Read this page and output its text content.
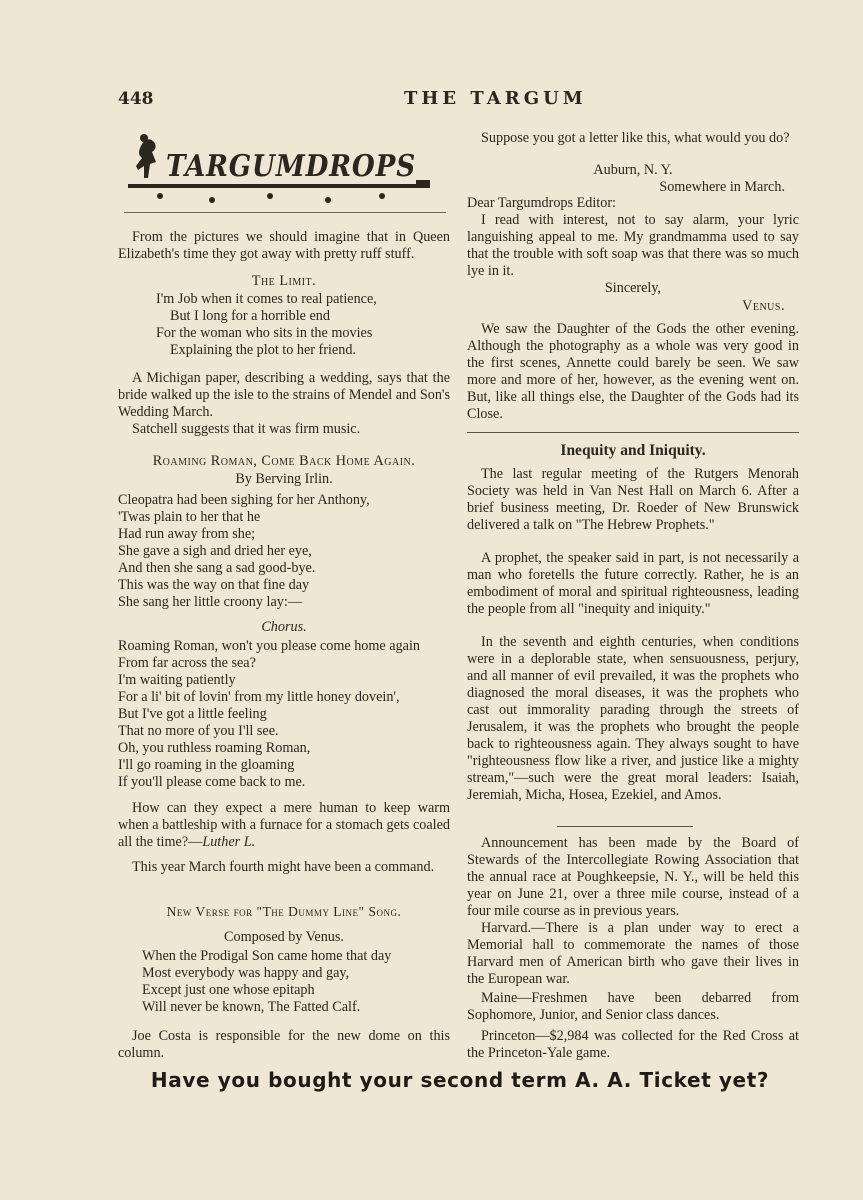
448	THE TARGUM
TARGUMDROPS

From the pictures we should imagine that in Queen Elizabeth's time they got away with pretty ruff stuff.

The Limit.

I'm Job when it comes to real patience,
But I long for a horrible end
For the woman who sits in the movies
Explaining the plot to her friend.

A Michigan paper, describing a wedding, says that the bride walked up the isle to the strains of Mendel and Son's Wedding March.

Satchell suggests that it was firm music.

Roaming Roman, Come Back Home Again.

By Berving Irlin.

Cleopatra had been sighing for her Anthony,
'Twas plain to her that he
Had run away from she;
She gave a sigh and dried her eye,
And then she sang a sad good-bye.
This was the way on that fine day
She sang her little croony lay:—

Chorus.

Roaming Roman, won't you please come home again
From far across the sea?
I'm waiting patiently
For a li' bit of lovin' from my little honey dovein',
But I've got a little feeling
That no more of you I'll see.
Oh, you ruthless roaming Roman,
I'll go roaming in the gloaming
If you'll please come back to me.

How can they expect a mere human to keep warm when a battleship with a furnace for a stomach gets coaled all the time?—Luther L.

This year March fourth might have been a command.

New Verse for "The Dummy Line" Song.

Composed by Venus.

When the Prodigal Son came home that day
Most everybody was happy and gay,
Except just one whose epitaph
Will never be known, The Fatted Calf.

Joe Costa is responsible for the new dome on this column.

Suppose you got a letter like this, what would you do?

Auburn, N. Y.

Somewhere in March.

Dear Targumdrops Editor:

I read with interest, not to say alarm, your lyric languishing appeal to me. My grandmamma used to say that the trouble with soft soap was that there was so much lye in it.

Sincerely,

Venus.

We saw the Daughter of the Gods the other evening. Although the photography as a whole was very good in the first scenes, Annette could barely be seen. We saw more and more of her, however, as the evening went on. But, like all things else, the Daughter of the Gods had its Close.

Inequity and Iniquity.

The last regular meeting of the Rutgers Menorah Society was held in Van Nest Hall on March 6. After a brief business meeting, Dr. Roeder of New Brunswick delivered a talk on "The Hebrew Prophets."

A prophet, the speaker said in part, is not necessarily a man who foretells the future correctly. Rather, he is an embodiment of moral and spiritual righteousness, leading the people from all "inequity and iniquity."

In the seventh and eighth centuries, when conditions were in a deplorable state, when sensuousness, perjury, and all manner of evil prevailed, it was the prophets who diagnosed the moral diseases, it was the prophets who cast out immorality parading through the streets of Jerusalem, it was the prophets who brought the people back to righteousness again. They always sought to have "righteousness flow like a river, and justice like a mighty stream,"—such were the great moral leaders: Isaiah, Jeremiah, Micha, Hosea, Ezekiel, and Amos.

Announcement has been made by the Board of Stewards of the Intercollegiate Rowing Association that the annual race at Poughkeepsie, N. Y., will be held this year on June 21, over a three mile course, instead of a four mile course as in previous years.

Harvard.—There is a plan under way to erect a Memorial hall to commemorate the names of those Harvard men of American birth who gave their lives in the European war.

Maine—Freshmen have been debarred from Sophomore, Junior, and Senior class dances.

Princeton—$2,984 was collected for the Red Cross at the Princeton-Yale game.

Have you bought your second term A. A. Ticket yet?
